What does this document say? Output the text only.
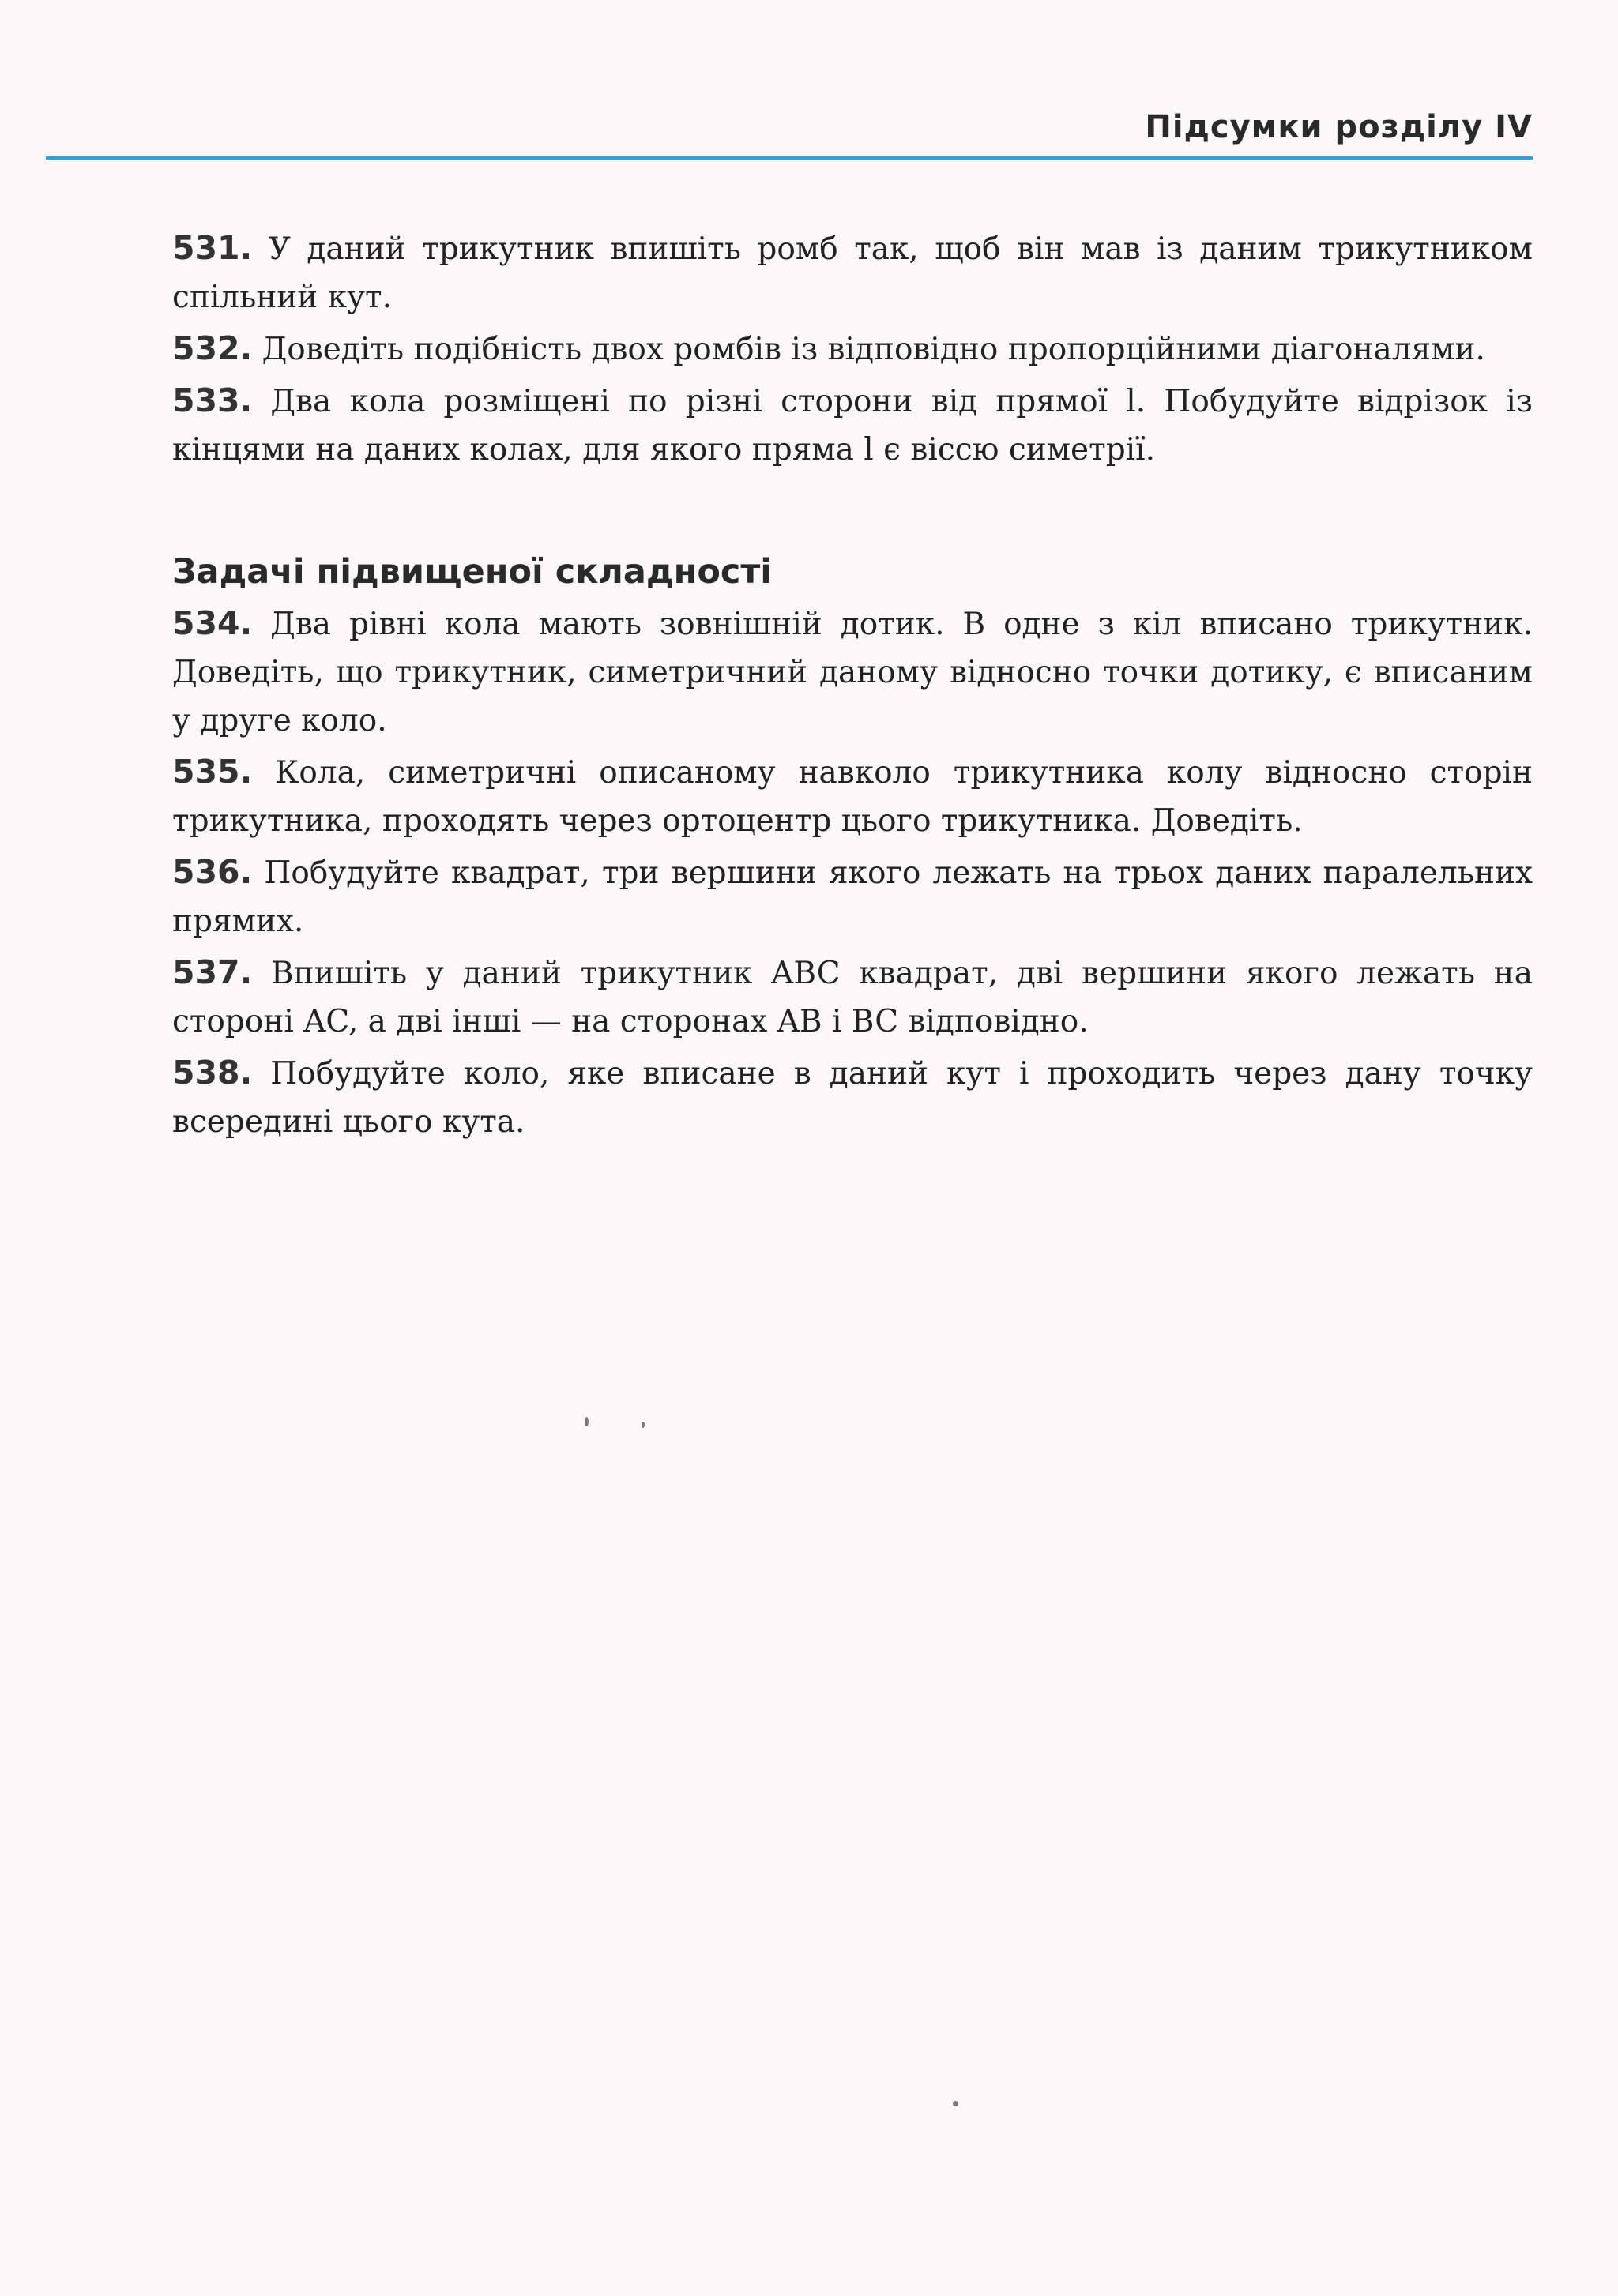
Підсумки розділу IV

531. У даний трикутник впишіть ромб так, щоб він мав із даним трикутником спільний кут.

532. Доведіть подібність двох ромбів із відповідно пропорційними діагоналями.

533. Два кола розміщені по різні сторони від прямої l. Побудуйте відрізок із кінцями на даних колах, для якого пряма l є віссю симетрії.

Задачі підвищеної складності

534. Два рівні кола мають зовнішній дотик. В одне з кіл вписано трикутник. Доведіть, що трикутник, симетричний даному відносно точки дотику, є вписаним у друге коло.

535. Кола, симетричні описаному навколо трикутника колу відносно сторін трикутника, проходять через ортоцентр цього трикутника. Доведіть.

536. Побудуйте квадрат, три вершини якого лежать на трьох даних паралельних прямих.

537. Впишіть у даний трикутник ABC квадрат, дві вершини якого лежать на стороні AC, а дві інші — на сторонах AB і BC відповідно.

538. Побудуйте коло, яке вписане в даний кут і проходить через дану точку всередині цього кута.
